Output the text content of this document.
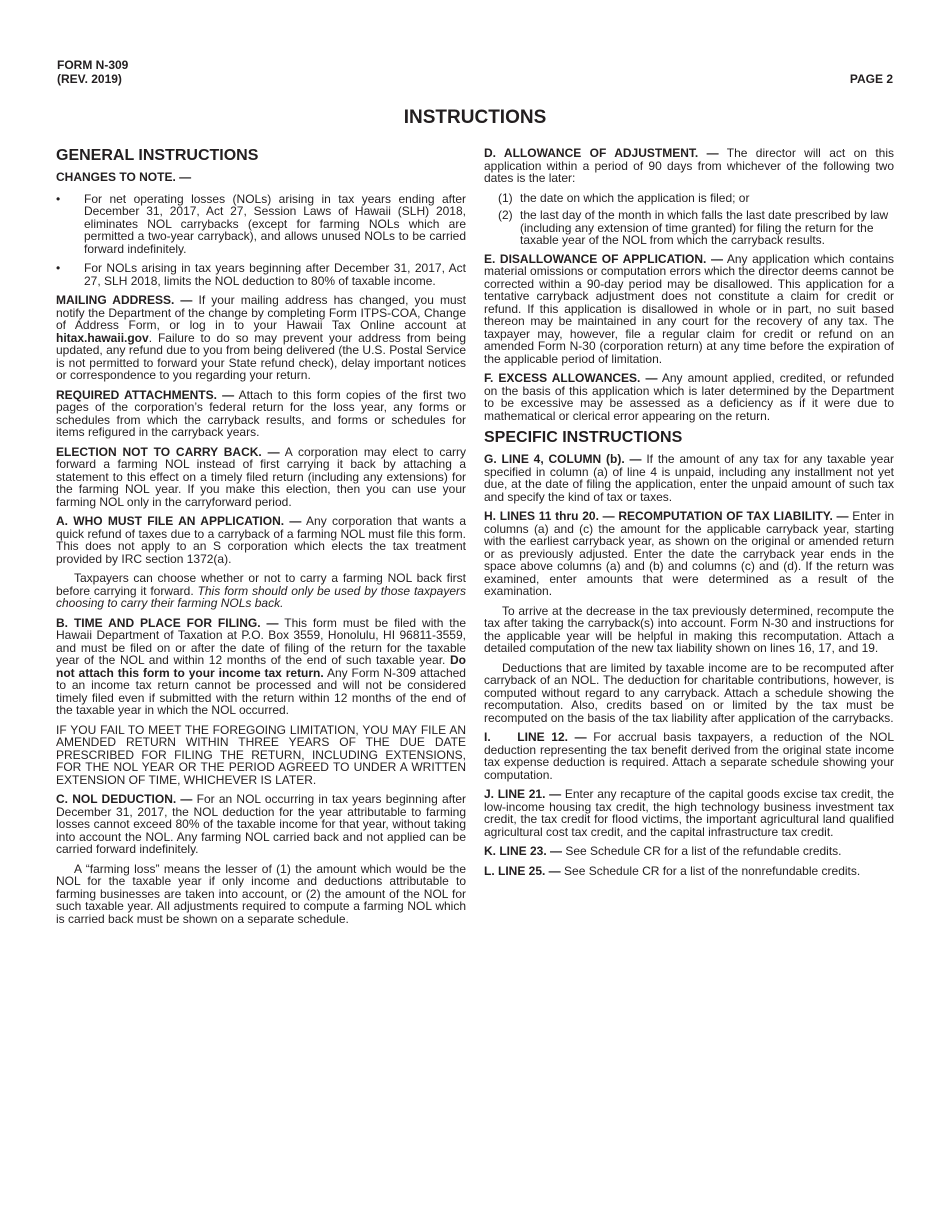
FORM N-309
(REV. 2019)	PAGE 2
INSTRUCTIONS
GENERAL INSTRUCTIONS
CHANGES TO NOTE. —
• For net operating losses (NOLs) arising in tax years ending after December 31, 2017, Act 27, Session Laws of Hawaii (SLH) 2018, eliminates NOL carrybacks (except for farming NOLs which are permitted a two-year carryback), and allows unused NOLs to be carried forward indefinitely.
• For NOLs arising in tax years beginning after December 31, 2017, Act 27, SLH 2018, limits the NOL deduction to 80% of taxable income.

MAILING ADDRESS. — If your mailing address has changed, you must notify the Department of the change by completing Form ITPS-COA, Change of Address Form, or log in to your Hawaii Tax Online account at hitax.hawaii.gov. Failure to do so may prevent your address from being updated, any refund due to you from being delivered (the U.S. Postal Service is not permitted to forward your State refund check), delay important notices or correspondence to you regarding your return.

REQUIRED ATTACHMENTS. — Attach to this form copies of the first two pages of the corporation’s federal return for the loss year, any forms or schedules from which the carryback results, and forms or schedules for items refigured in the carryback years.

ELECTION NOT TO CARRY BACK. — A corporation may elect to carry forward a farming NOL instead of first carrying it back by attaching a statement to this effect on a timely filed return (including any extensions) for the farming NOL year. If you make this election, then you can use your farming NOL only in the carryforward period.

A. WHO MUST FILE AN APPLICATION. — Any corporation that wants a quick refund of taxes due to a carryback of a farming NOL must file this form. This does not apply to an S corporation which elects the tax treatment provided by IRC section 1372(a).

Taxpayers can choose whether or not to carry a farming NOL back first before carrying it forward. This form should only be used by those taxpayers choosing to carry their farming NOLs back.

B. TIME AND PLACE FOR FILING. — This form must be filed with the Hawaii Department of Taxation at P.O. Box 3559, Honolulu, HI 96811-3559, and must be filed on or after the date of filing of the return for the taxable year of the NOL and within 12 months of the end of such taxable year. Do not attach this form to your income tax return. Any Form N-309 attached to an income tax return cannot be processed and will not be considered timely filed even if submitted with the return within 12 months of the end of the taxable year in which the NOL occurred.

IF YOU FAIL TO MEET THE FOREGOING LIMITATION, YOU MAY FILE AN AMENDED RETURN WITHIN THREE YEARS OF THE DUE DATE PRESCRIBED FOR FILING THE RETURN, INCLUDING EXTENSIONS, FOR THE NOL YEAR OR THE PERIOD AGREED TO UNDER A WRITTEN EXTENSION OF TIME, WHICHEVER IS LATER.

C. NOL DEDUCTION. — For an NOL occurring in tax years beginning after December 31, 2017, the NOL deduction for the year attributable to farming losses cannot exceed 80% of the taxable income for that year, without taking into account the NOL. Any farming NOL carried back and not applied can be carried forward indefinitely.

A “farming loss” means the lesser of (1) the amount which would be the NOL for the taxable year if only income and deductions attributable to farming businesses are taken into account, or (2) the amount of the NOL for such taxable year. All adjustments required to compute a farming NOL which is carried back must be shown on a separate schedule.

D. ALLOWANCE OF ADJUSTMENT. — The director will act on this application within a period of 90 days from whichever of the following two dates is the later:

(1) the date on which the application is filed; or
(2) the last day of the month in which falls the last date prescribed by law (including any extension of time granted) for filing the return for the taxable year of the NOL from which the carryback results.

E. DISALLOWANCE OF APPLICATION. — Any application which contains material omissions or computation errors which the director deems cannot be corrected within a 90-day period may be disallowed. This application for a tentative carryback adjustment does not constitute a claim for credit or refund. If this application is disallowed in whole or in part, no suit based thereon may be maintained in any court for the recovery of any tax. The taxpayer may, however, file a regular claim for credit or refund on an amended Form N-30 (corporation return) at any time before the expiration of the applicable period of limitation.

F. EXCESS ALLOWANCES. — Any amount applied, credited, or refunded on the basis of this application which is later determined by the Department to be excessive may be assessed as a deficiency as if it were due to mathematical or clerical error appearing on the return.

SPECIFIC INSTRUCTIONS

G. LINE 4, COLUMN (b). — If the amount of any tax for any taxable year specified in column (a) of line 4 is unpaid, including any installment not yet due, at the date of filing the application, enter the unpaid amount of such tax and specify the kind of tax or taxes.

H. LINES 11 thru 20. — RECOMPUTATION OF TAX LIABILITY. — Enter in columns (a) and (c) the amount for the applicable carryback year, starting with the earliest carryback year, as shown on the original or amended return or as previously adjusted. Enter the date the carryback year ends in the space above columns (a) and (b) and columns (c) and (d). If the return was examined, enter amounts that were determined as a result of the examination.

To arrive at the decrease in the tax previously determined, recompute the tax after taking the carryback(s) into account. Form N-30 and instructions for the applicable year will be helpful in making this recomputation. Attach a detailed computation of the new tax liability shown on lines 16, 17, and 19.

Deductions that are limited by taxable income are to be recomputed after carryback of an NOL. The deduction for charitable contributions, however, is computed without regard to any carryback. Attach a schedule showing the recomputation. Also, credits based on or limited by the tax must be recomputed on the basis of the tax liability after application of the carrybacks.

I.    LINE 12. — For accrual basis taxpayers, a reduction of the NOL deduction representing the tax benefit derived from the original state income tax expense deduction is required. Attach a separate schedule showing your computation.

J. LINE 21. — Enter any recapture of the capital goods excise tax credit, the low-income housing tax credit, the high technology business investment tax credit, the tax credit for flood victims, the important agricultural land qualified agricultural cost tax credit, and the capital infrastructure tax credit.

K. LINE 23. — See Schedule CR for a list of the refundable credits.

L. LINE 25. — See Schedule CR for a list of the nonrefundable credits.
